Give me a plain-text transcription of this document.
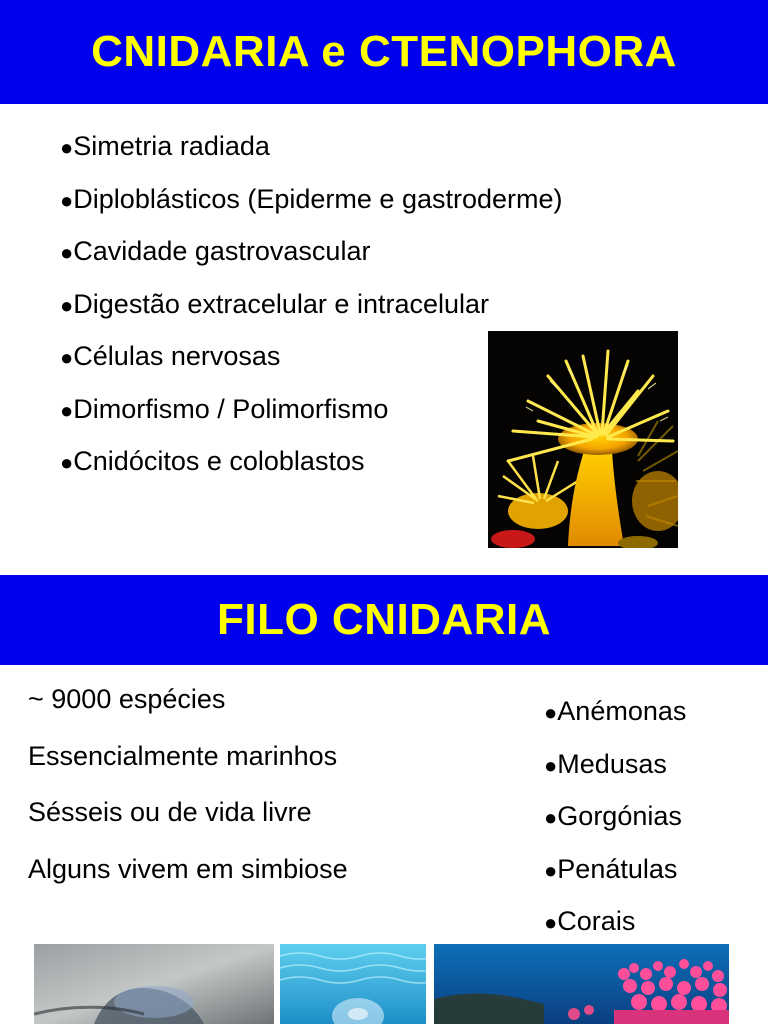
CNIDARIA e CTENOPHORA
●Simetria radiada
●Diploblásticos (Epiderme e gastroderme)
●Cavidade gastrovascular
●Digestão extracelular e intracelular
●Células nervosas
●Dimorfismo / Polimorfismo
●Cnidócitos e coloblastos
FILO CNIDARIA
~ 9000 espécies
Essencialmente marinhos
Sésseis ou de vida livre
Alguns vivem em simbiose
●Anémonas
●Medusas
●Gorgónias
●Penátulas
●Corais
